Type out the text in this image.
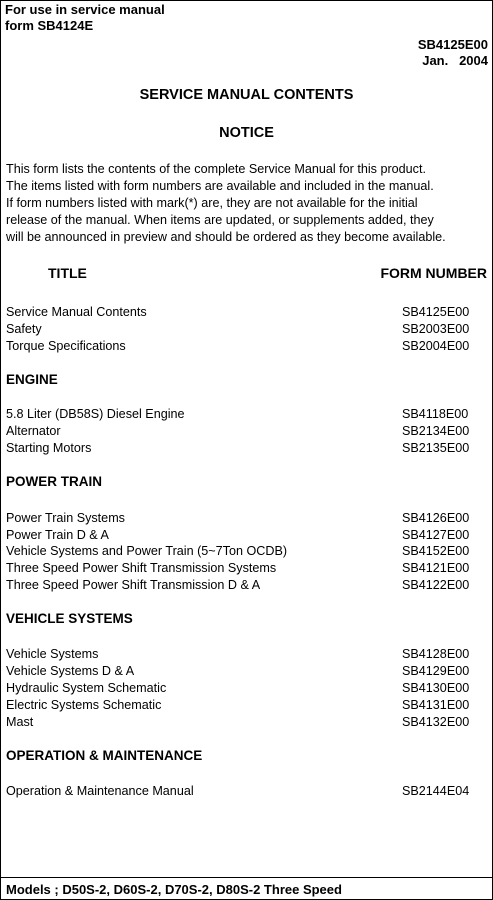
For use in service manual
form SB4124E
SB4125E00
Jan.   2004
SERVICE MANUAL CONTENTS
NOTICE
This form lists the contents of the complete Service Manual for this product.
The items listed with form numbers are available and included in the manual.
If form numbers listed with mark(*) are, they are not available for the initial
release of the manual. When items are updated, or supplements added, they
will be announced in preview and should be ordered as they become available.
TITLE	FORM NUMBER
Service Manual Contents	SB4125E00
Safety	SB2003E00
Torque Specifications	SB2004E00
ENGINE
5.8 Liter (DB58S) Diesel Engine	SB4118E00
Alternator	SB2134E00
Starting Motors	SB2135E00
POWER TRAIN
Power Train Systems	SB4126E00
Power Train D & A	SB4127E00
Vehicle Systems and Power Train (5~7Ton OCDB)	SB4152E00
Three Speed Power Shift Transmission Systems	SB4121E00
Three Speed Power Shift Transmission D & A	SB4122E00
VEHICLE SYSTEMS
Vehicle Systems	SB4128E00
Vehicle Systems D & A	SB4129E00
Hydraulic System Schematic	SB4130E00
Electric Systems Schematic	SB4131E00
Mast	SB4132E00
OPERATION & MAINTENANCE
Operation & Maintenance Manual	SB2144E04
Models ; D50S-2, D60S-2, D70S-2, D80S-2 Three Speed
